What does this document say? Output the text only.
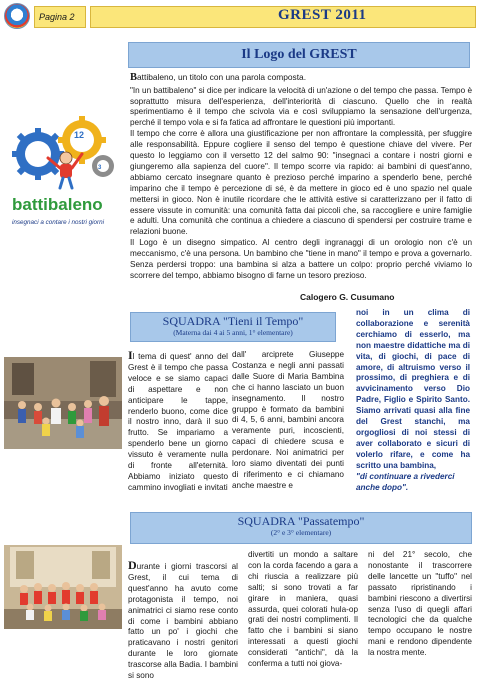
Pagina 2	GREST 2011
Il Logo del GREST
12
3
battibaleno
insegnaci a contare i nostri giorni

Battibaleno, un titolo con una parola composta.

"In un battibaleno" si dice per indicare la velocità di un'azione o del tempo che passa. Tempo è soprattutto misura dell'esperienza, dell'interiorità di ciascuno. Quello che in realtà sperimentiamo è il tempo che scivola via e così sviluppiamo la sensazione dell'urgenza, perché il tempo vola e si fa fatica ad affrontare le questioni più importanti.

Il tempo che corre è allora una giustificazione per non affrontare la complessità, per sfuggire alle responsabilità. Eppure cogliere il senso del tempo è questione chiave del vivere. Per questo lo leggiamo con il versetto 12 del salmo 90: "insegnaci a contare i nostri giorni e giungeremo alla sapienza del cuore". Il tempo scorre via rapido: ai bambini di quest'anno, abbiamo cercato insegnare quanto è prezioso perché imparino a spenderlo bene, perché imparino che il tempo è percezione di sé, è da mettere in gioco ed è uno spazio nel quale mettersi in gioco. Non è inutile ricordare che le attività estive si caratterizzano per il fatto di essere vissute in comunità: una comunità fatta dai piccoli che, sa raccogliere e unire famiglie e adulti. Una comunità che continua a chiedere a ciascuno di spendersi per costruire trame e relazioni buone.

Il Logo è un disegno simpatico. Al centro degli ingranaggi di un orologio non c'è un meccanismo, c'è una persona. Un bambino che "tiene in mano" il tempo e prova a governarlo. Senza perdersi troppo: una bambina si alza a battere un colpo: proprio perché viviamo lo scorrere del tempo, abbiamo bisogno di farne un tesoro prezioso.

Calogero G. Cusumano
SQUADRA "Tieni il Tempo"
(Materna dai 4 ai 5 anni, 1° elementare)

Il tema di quest' anno del Grest è il tempo che passa veloce e se siamo capaci di aspettare e non anticipare le tappe, renderlo buono, come dice il nostro inno, darà il suo frutto. Se impariamo a spenderlo bene un giorno vissuto è veramente nulla di fronte all'eternità. Abbiamo iniziato questo cammino invogliati e invitati

dall' arciprete Giuseppe Costanza e negli anni passati dalle Suore di Maria Bambina che ci hanno lasciato un buon insegnamento. Il nostro gruppo è formato da bambini di 4, 5, 6 anni, bambini ancora veramente puri, incoscienti, capaci di chiedere scusa e perdonare. Noi animatrici per loro siamo diventati dei punti di riferimento e ci chiamano anche maestre e

noi in un clima di collaborazione e serenità cerchiamo di esserlo, ma non maestre didattiche ma di vita, di giochi, di pace di amore, di altruismo verso il prossimo, di preghiera e di avvicinamento verso Dio Padre, Figlio e Spirito Santo. Siamo arrivati quasi alla fine del Grest stanchi, ma orgogliosi di noi stessi di aver collaborato e sicuri di volerlo rifare, e come ha scritto una bambina,

"di continuare a rivederci anche dopo".
SQUADRA "Passatempo"
(2° e 3° elementare)

Durante i giorni trascorsi al Grest, il cui tema di quest'anno ha avuto come protagonista il tempo, noi animatrici ci siamo rese conto di come i bambini abbiano fatto un po' i giochi che praticavano i nostri genitori durante le loro giornate trascorse alla Badia. I bambini si sono

divertiti un mondo a saltare con la corda facendo a gara a chi riuscia a realizzare più salti; si sono trovati a far girare in maniera, quasi assurda, quei colorati hula-op grati dei nostri complimenti. Il fatto che i bambini si siano interessati a questi giochi considerati "antichi", dà la conferma a tutti noi giova-

ni del 21° secolo, che nonostante il trascorrere delle lancette un "tuffo" nel passato ripristinando i bambini riescono a divertirsi senza l'uso di quegli affari tecnologici che da qualche tempo occupano le nostre mani e rendono dipendente la nostra mente.
